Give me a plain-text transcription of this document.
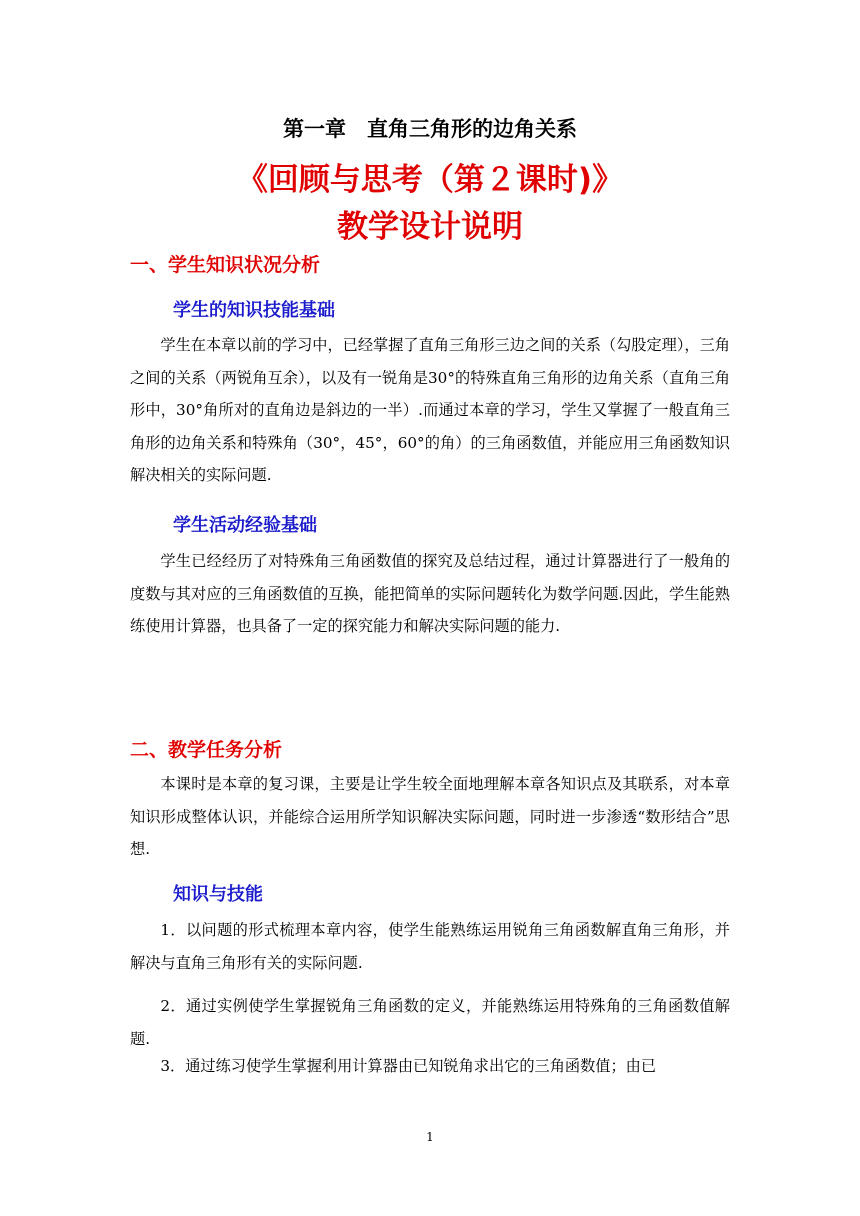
第一章　直角三角形的边角关系
《回顾与思考（第２课时)》
教学设计说明
一、学生知识状况分析
学生的知识技能基础

学生在本章以前的学习中，已经掌握了直角三角形三边之间的关系（勾股定理），三角之间的关系（两锐角互余），以及有一锐角是30°的特殊直角三角形的边角关系（直角三角形中，30°角所对的直角边是斜边的一半）.而通过本章的学习，学生又掌握了一般直角三角形的边角关系和特殊角（30°，45°，60°的角）的三角函数值，并能应用三角函数知识解决相关的实际问题.

学生活动经验基础

学生已经经历了对特殊角三角函数值的探究及总结过程，通过计算器进行了一般角的度数与其对应的三角函数值的互换，能把简单的实际问题转化为数学问题.因此，学生能熟练使用计算器，也具备了一定的探究能力和解决实际问题的能力.

二、教学任务分析

本课时是本章的复习课，主要是让学生较全面地理解本章各知识点及其联系，对本章知识形成整体认识，并能综合运用所学知识解决实际问题，同时进一步渗透“数形结合”思想.

知识与技能

1．以问题的形式梳理本章内容，使学生能熟练运用锐角三角函数解直角三角形，并解决与直角三角形有关的实际问题.

2．通过实例使学生掌握锐角三角函数的定义，并能熟练运用特殊角的三角函数值解题.

3．通过练习使学生掌握利用计算器由已知锐角求出它的三角函数值；由已

1
